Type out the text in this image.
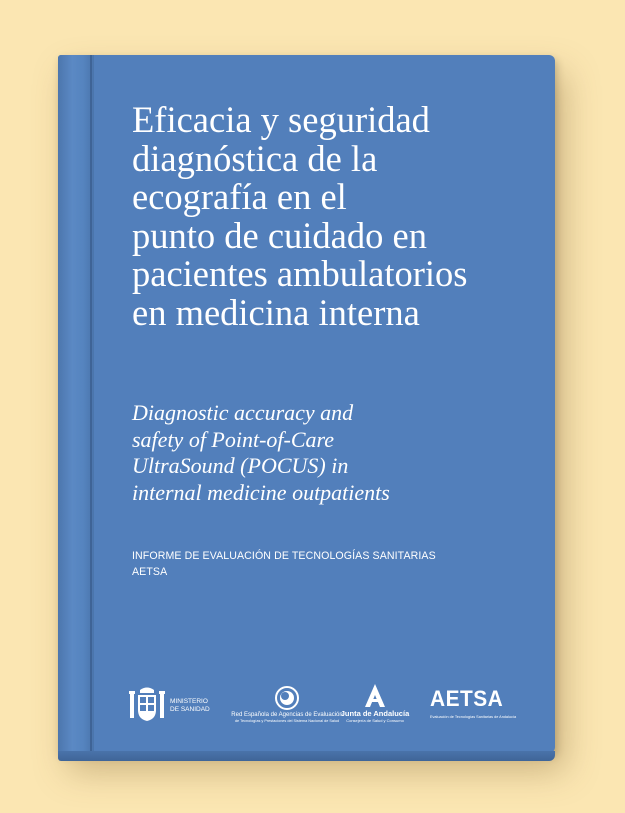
Eficacia y seguridad
diagnóstica de la
ecografía en el
punto de cuidado en
pacientes ambulatorios
en medicina interna

Diagnostic accuracy and
safety of Point-of-Care
UltraSound (POCUS) in
internal medicine outpatients

INFORME DE EVALUACIÓN DE TECNOLOGÍAS SANITARIAS
AETSA
MINISTERIO
DE SANIDAD
Red Española de Agencias de Evaluación
de Tecnologías y Prestaciones del Sistema Nacional de Salud
Junta de Andalucía
Consejería de Salud y Consumo
AETSA
Evaluación de Tecnologías Sanitarias de Andalucía
